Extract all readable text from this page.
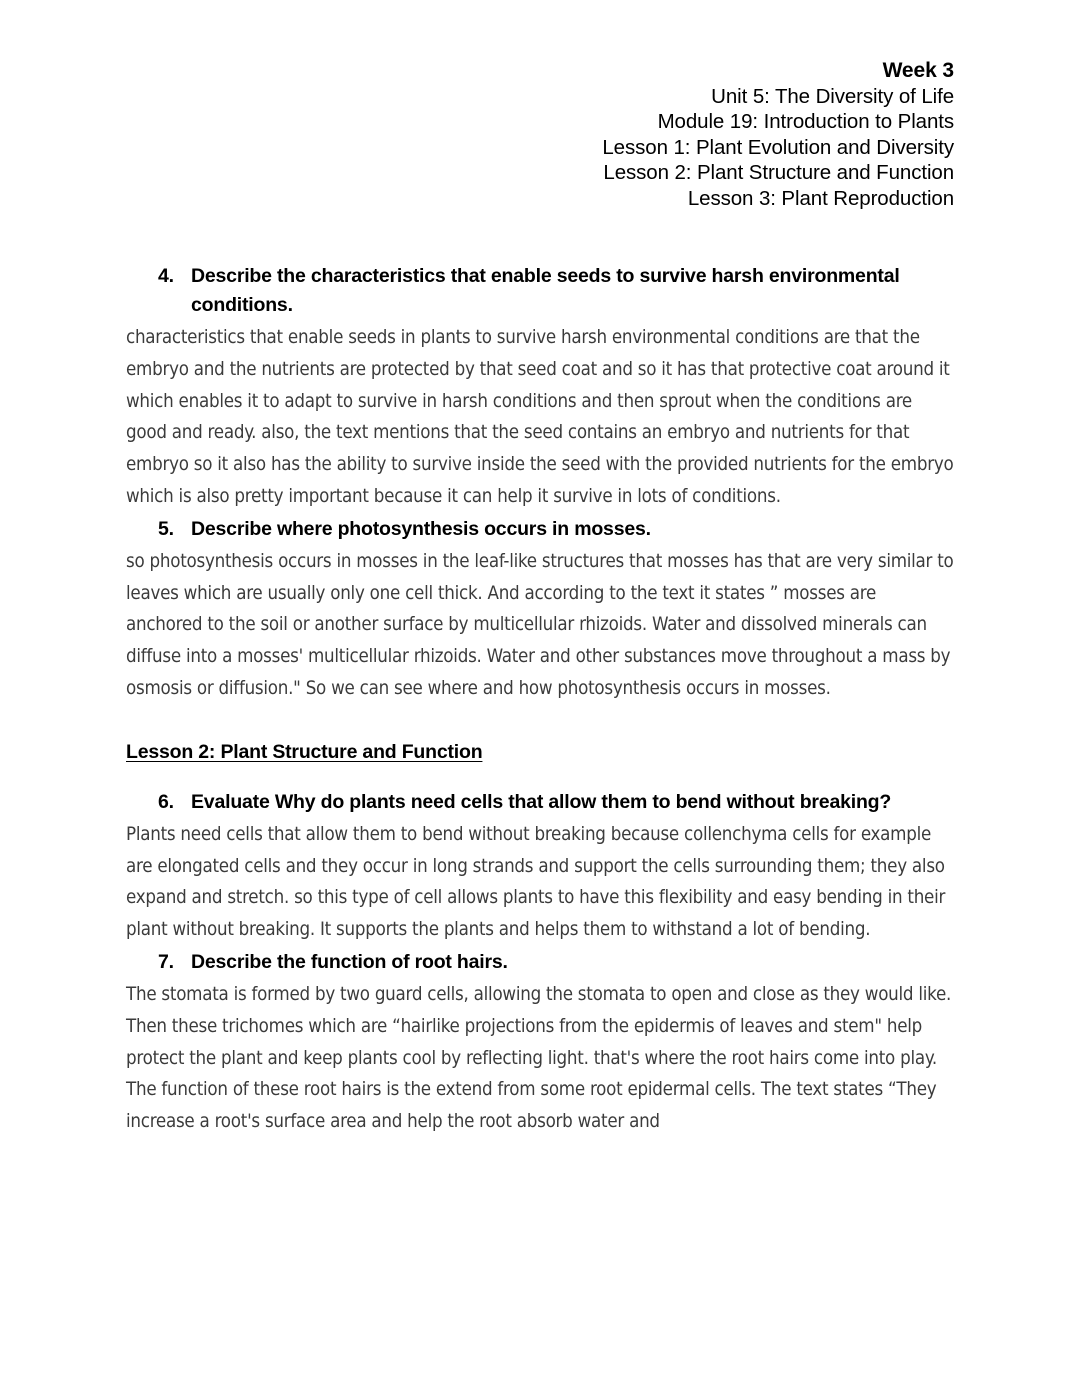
Week 3
Unit 5: The Diversity of Life
Module 19: Introduction to Plants
Lesson 1: Plant Evolution and Diversity
Lesson 2: Plant Structure and Function
Lesson 3: Plant Reproduction
4. Describe the characteristics that enable seeds to survive harsh environmental conditions.

characteristics that enable seeds in plants to survive harsh environmental conditions are that the embryo and the nutrients are protected by that seed coat and so it has that protective coat around it which enables it to adapt to survive in harsh conditions and then sprout when the conditions are good and ready. also, the text mentions that the seed contains an embryo and nutrients for that embryo so it also has the ability to survive inside the seed with the provided nutrients for the embryo which is also pretty important because it can help it survive in lots of conditions.

5. Describe where photosynthesis occurs in mosses.

so photosynthesis occurs in mosses in the leaf-like structures that mosses has that are very similar to leaves which are usually only one cell thick. And according to the text it states ” mosses are anchored to the soil or another surface by multicellular rhizoids. Water and dissolved minerals can diffuse into a mosses' multicellular rhizoids. Water and other substances move throughout a mass by osmosis or diffusion." So we can see where and how photosynthesis occurs in mosses.

Lesson 2: Plant Structure and Function
6. Evaluate Why do plants need cells that allow them to bend without breaking?

Plants need cells that allow them to bend without breaking because collenchyma cells for example are elongated cells and they occur in long strands and support the cells surrounding them; they also expand and stretch. so this type of cell allows plants to have this flexibility and easy bending in their plant without breaking. It supports the plants and helps them to withstand a lot of bending.

7. Describe the function of root hairs.

The stomata is formed by two guard cells, allowing the stomata to open and close as they would like. Then these trichomes which are “hairlike projections from the epidermis of leaves and stem" help protect the plant and keep plants cool by reflecting light. that's where the root hairs come into play. The function of these root hairs is the extend from some root epidermal cells. The text states “They increase a root's surface area and help the root absorb water and
